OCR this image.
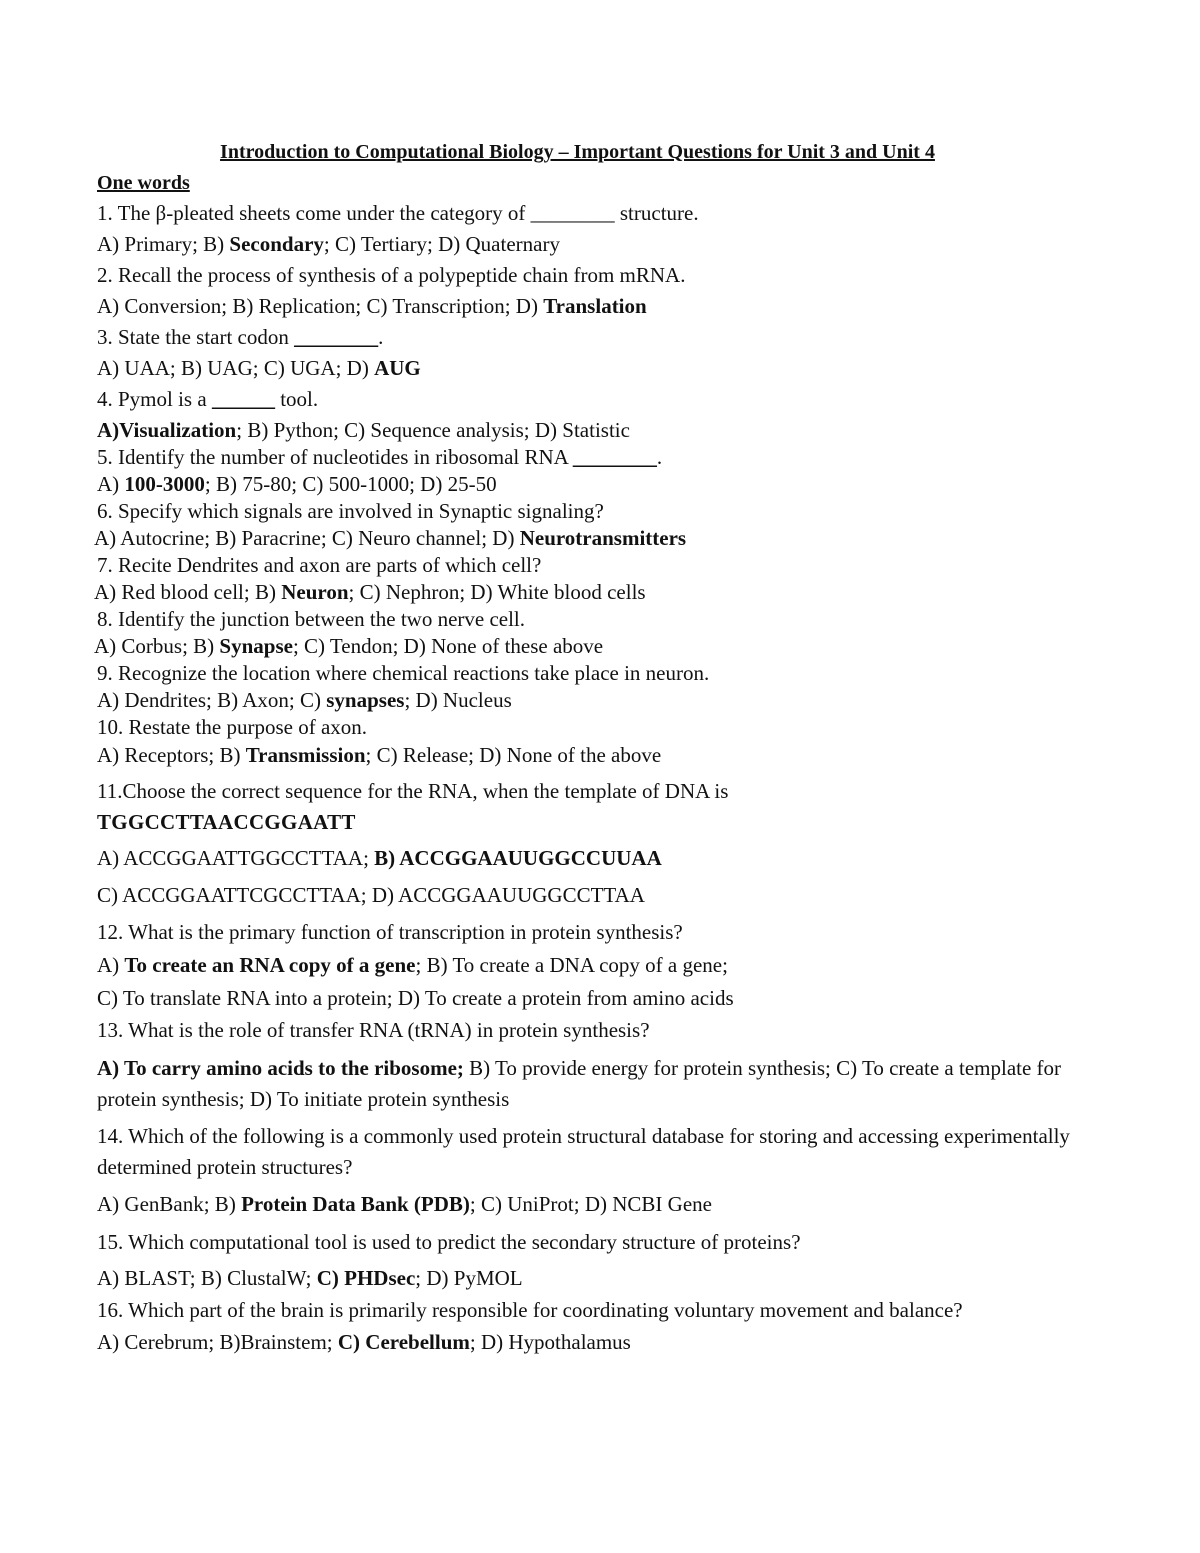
Introduction to Computational Biology – Important Questions for Unit 3 and Unit 4
One words
1. The β-pleated sheets come under the category of ________ structure.
A) Primary; B) Secondary; C) Tertiary; D) Quaternary
2. Recall the process of synthesis of a polypeptide chain from mRNA.
A) Conversion; B) Replication; C) Transcription; D) Translation
3. State the start codon ________.
A) UAA; B) UAG; C) UGA; D) AUG
4. Pymol is a ______ tool.
A)Visualization; B) Python; C) Sequence analysis; D) Statistic
5. Identify the number of nucleotides in ribosomal RNA ________.
A) 100-3000; B) 75-80; C) 500-1000; D) 25-50
6. Specify which signals are involved in Synaptic signaling?
A) Autocrine; B) Paracrine; C) Neuro channel; D) Neurotransmitters
7. Recite Dendrites and axon are parts of which cell?
A) Red blood cell; B) Neuron; C) Nephron; D) White blood cells
8. Identify the junction between the two nerve cell.
A) Corbus; B) Synapse; C) Tendon; D) None of these above
9. Recognize the location where chemical reactions take place in neuron.
A) Dendrites; B) Axon; C) synapses; D) Nucleus
10. Restate the purpose of axon.
A) Receptors; B) Transmission; C) Release; D) None of the above
11.Choose the correct sequence for the RNA, when the template of DNA is
TGGCCTTAACCGGAATT
A) ACCGGAATTGGCCTTAA; B) ACCGGAAUUGGCCUUAA
C) ACCGGAATTCGCCTTAA; D) ACCGGAAUUGGCCTTAA
12. What is the primary function of transcription in protein synthesis?
A) To create an RNA copy of a gene; B) To create a DNA copy of a gene;
C) To translate RNA into a protein; D) To create a protein from amino acids
13. What is the role of transfer RNA (tRNA) in protein synthesis?
A) To carry amino acids to the ribosome; B) To provide energy for protein synthesis; C) To create a template for protein synthesis; D) To initiate protein synthesis
14. Which of the following is a commonly used protein structural database for storing and accessing experimentally determined protein structures?
A) GenBank; B) Protein Data Bank (PDB); C) UniProt; D) NCBI Gene
15. Which computational tool is used to predict the secondary structure of proteins?
A) BLAST; B) ClustalW; C) PHDsec; D) PyMOL
16. Which part of the brain is primarily responsible for coordinating voluntary movement and balance?
A) Cerebrum; B)Brainstem; C) Cerebellum; D) Hypothalamus
